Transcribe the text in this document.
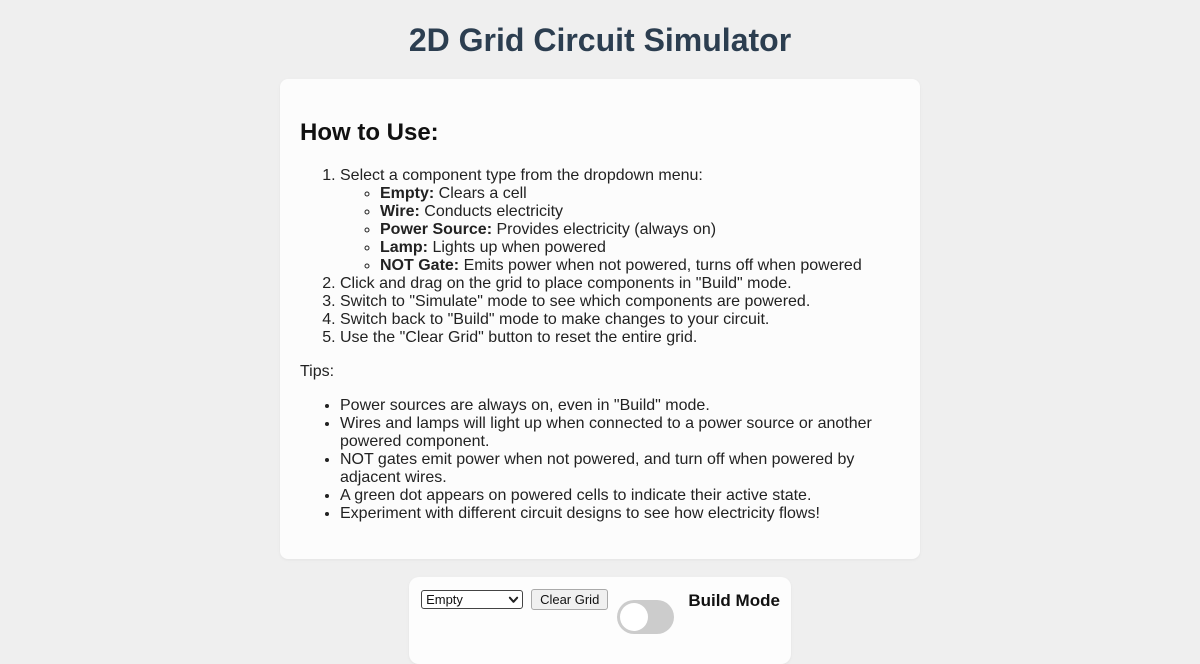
2D Grid Circuit Simulator
How to Use:
1. Select a component type from the dropdown menu:
◦ Empty: Clears a cell
◦ Wire: Conducts electricity
◦ Power Source: Provides electricity (always on)
◦ Lamp: Lights up when powered
◦ NOT Gate: Emits power when not powered, turns off when powered
2. Click and drag on the grid to place components in "Build" mode.
3. Switch to "Simulate" mode to see which components are powered.
4. Switch back to "Build" mode to make changes to your circuit.
5. Use the "Clear Grid" button to reset the entire grid.

Tips:

• Power sources are always on, even in "Build" mode.
• Wires and lamps will light up when connected to a power source or another powered component.
• NOT gates emit power when not powered, and turn off when powered by adjacent wires.
• A green dot appears on powered cells to indicate their active state.
• Experiment with different circuit designs to see how electricity flows!
Empty
Clear Grid	Build Mode
